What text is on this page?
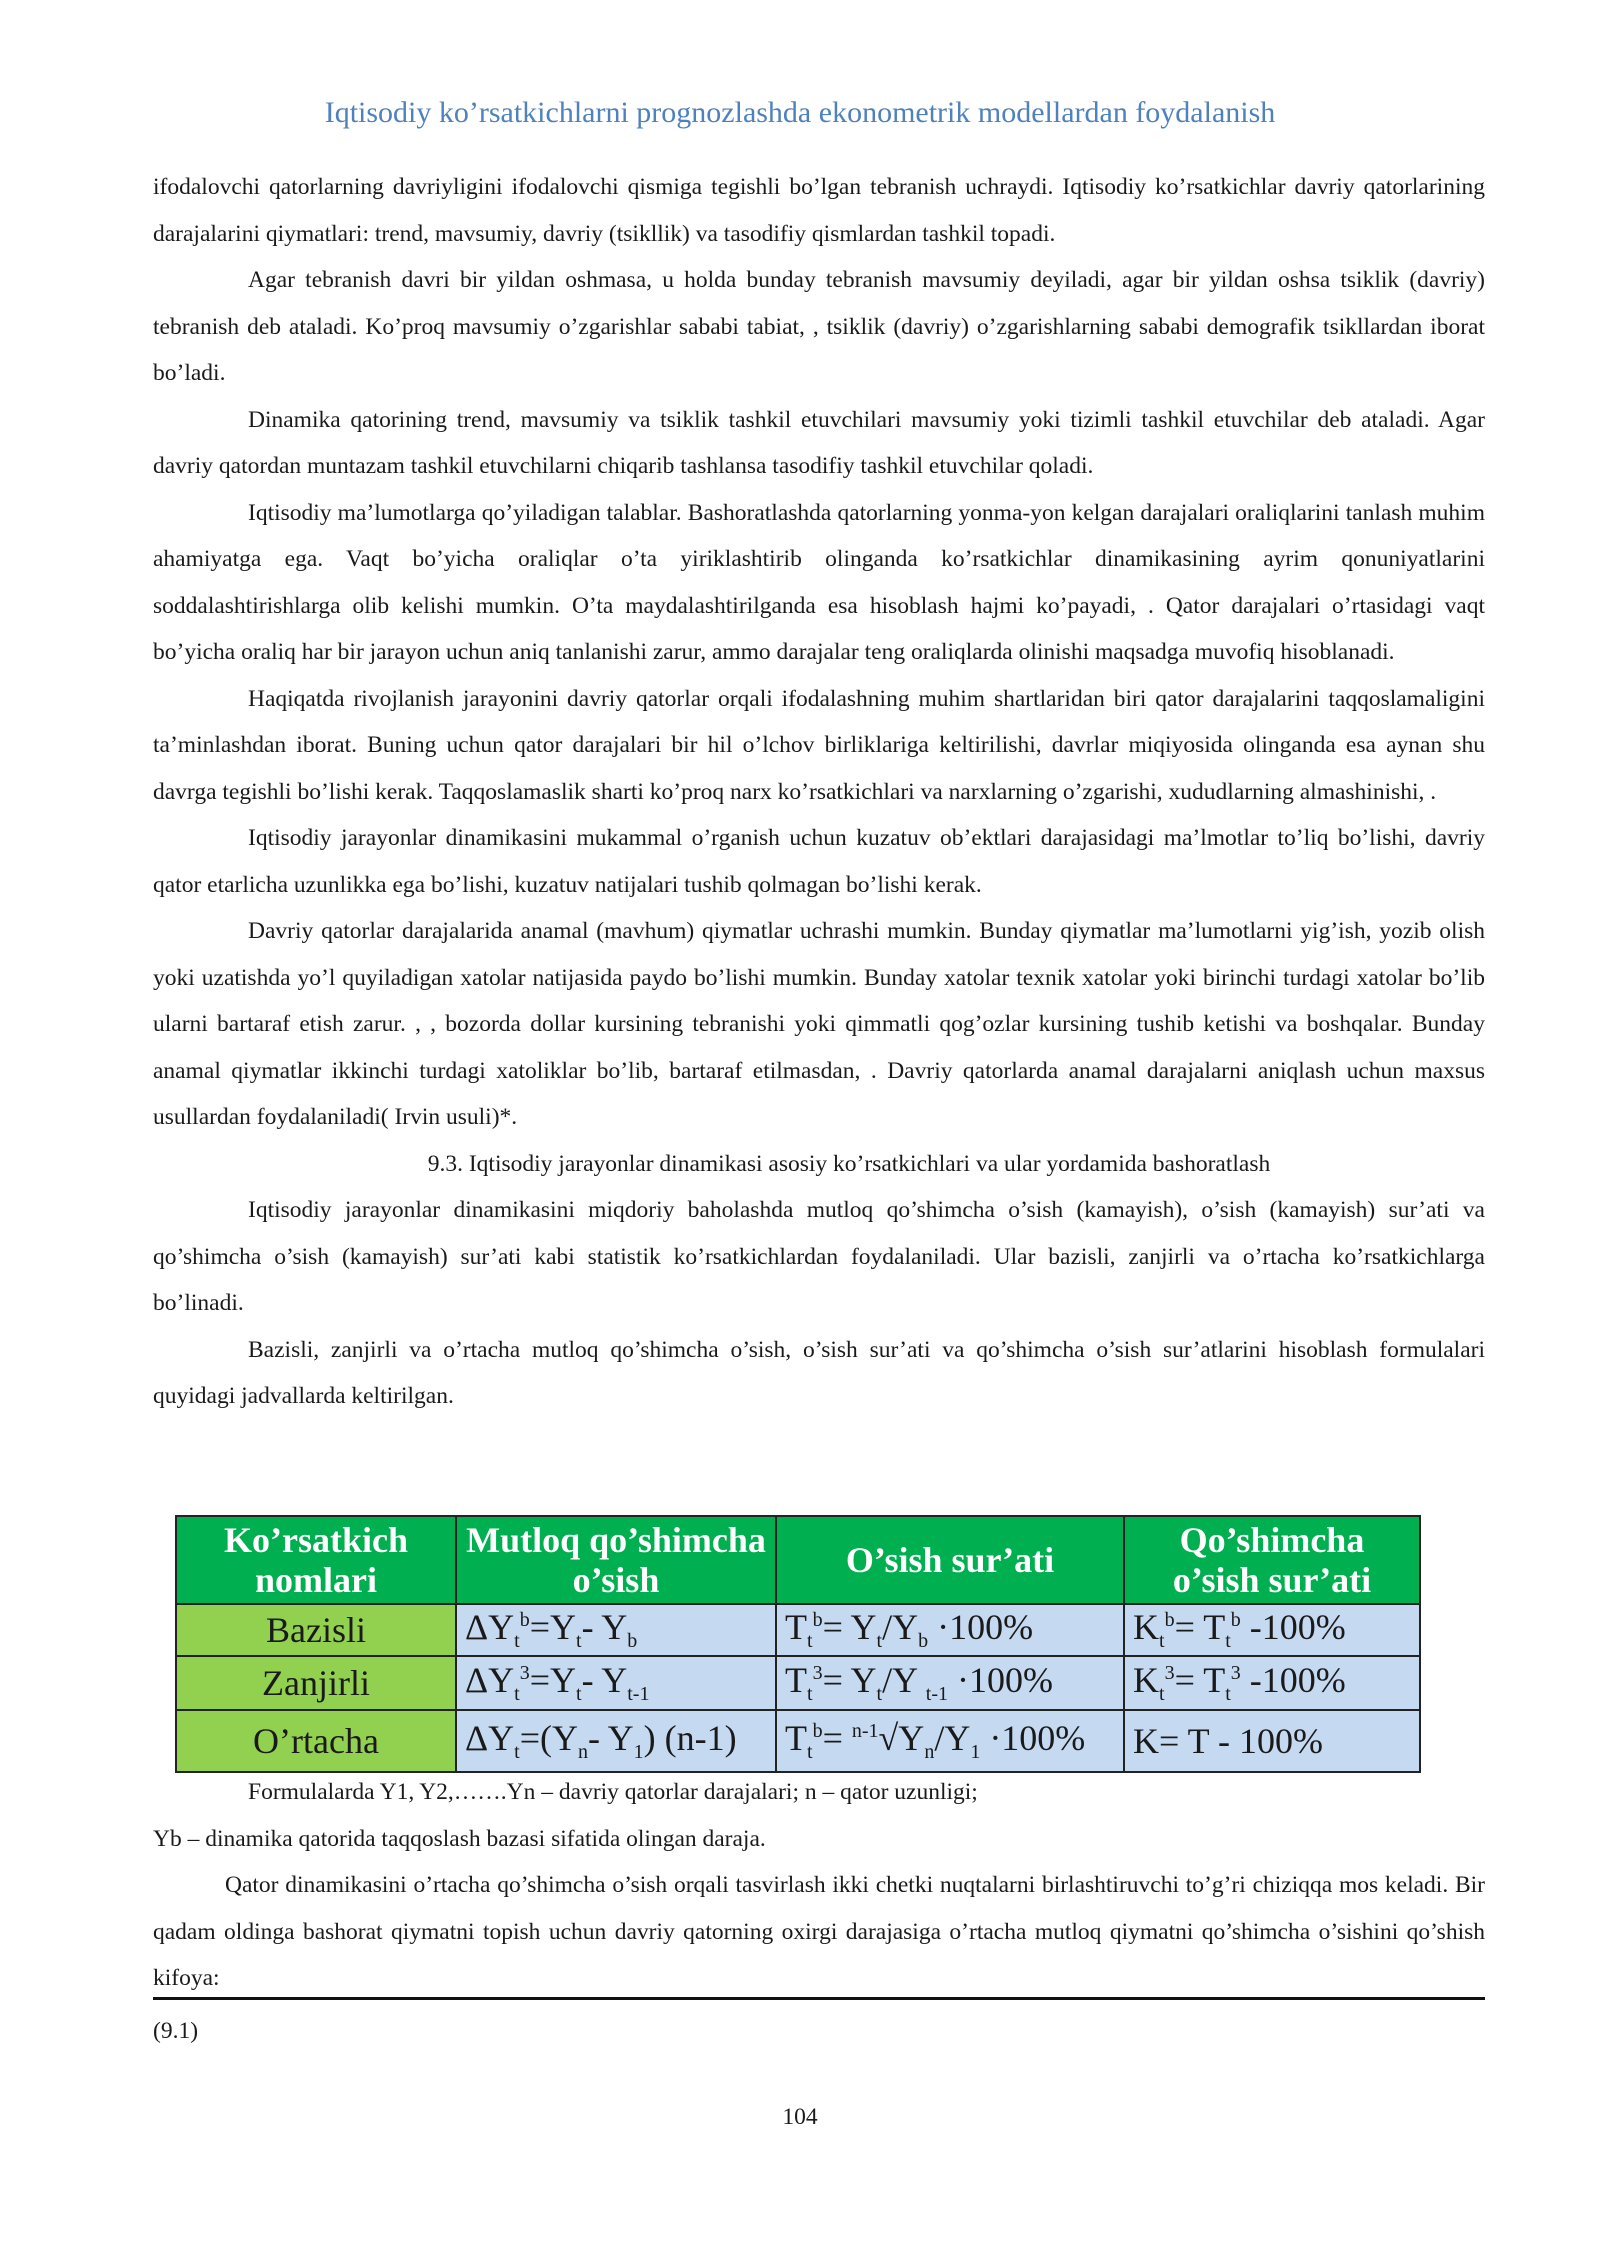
Iqtisodiy ko’rsatkichlarni prognozlashda ekonometrik modellardan foydalanish

ifodalovchi qatorlarning davriyligini ifodalovchi qismiga tegishli bo’lgan tebranish uchraydi. Iqtisodiy ko’rsatkichlar davriy qatorlarining darajalarini qiymatlari: trend, mavsumiy, davriy (tsikllik) va tasodifiy qismlardan tashkil topadi.

Agar tebranish davri bir yildan oshmasa, u holda bunday tebranish mavsumiy deyiladi, agar bir yildan oshsa tsiklik (davriy) tebranish deb ataladi. Ko’proq mavsumiy o’zgarishlar sababi tabiat, , tsiklik (davriy) o’zgarishlarning sababi demografik tsikllardan iborat bo’ladi.

Dinamika qatorining trend, mavsumiy va tsiklik tashkil etuvchilari mavsumiy yoki tizimli tashkil etuvchilar deb ataladi. Agar davriy qatordan muntazam tashkil etuvchilarni chiqarib tashlansa tasodifiy tashkil etuvchilar qoladi.

Iqtisodiy ma’lumotlarga qo’yiladigan talablar. Bashoratlashda qatorlarning yonma-yon kelgan darajalari oraliqlarini tanlash muhim ahamiyatga ega. Vaqt bo’yicha oraliqlar o’ta yiriklashtirib olinganda ko’rsatkichlar dinamikasining ayrim qonuniyatlarini soddalashtirishlarga olib kelishi mumkin. O’ta maydalashtirilganda esa hisoblash hajmi ko’payadi, . Qator darajalari o’rtasidagi vaqt bo’yicha oraliq har bir jarayon uchun aniq tanlanishi zarur, ammo darajalar teng oraliqlarda olinishi maqsadga muvofiq hisoblanadi.

Haqiqatda rivojlanish jarayonini davriy qatorlar orqali ifodalashning muhim shartlaridan biri qator darajalarini taqqoslamaligini ta’minlashdan iborat. Buning uchun qator darajalari bir hil o’lchov birliklariga keltirilishi, davrlar miqiyosida olinganda esa aynan shu davrga tegishli bo’lishi kerak. Taqqoslamaslik sharti ko’proq narx ko’rsatkichlari va narxlarning o’zgarishi, xududlarning almashinishi, .

Iqtisodiy jarayonlar dinamikasini mukammal o’rganish uchun kuzatuv ob’ektlari darajasidagi ma’lmotlar to’liq bo’lishi, davriy qator etarlicha uzunlikka ega bo’lishi, kuzatuv natijalari tushib qolmagan bo’lishi kerak.

Davriy qatorlar darajalarida anamal (mavhum) qiymatlar uchrashi mumkin. Bunday qiymatlar ma’lumotlarni yig’ish, yozib olish yoki uzatishda yo’l quyiladigan xatolar natijasida paydo bo’lishi mumkin. Bunday xatolar texnik xatolar yoki birinchi turdagi xatolar bo’lib ularni bartaraf etish zarur. , , bozorda dollar kursining tebranishi yoki qimmatli qog’ozlar kursining tushib ketishi va boshqalar. Bunday anamal qiymatlar ikkinchi turdagi xatoliklar bo’lib, bartaraf etilmasdan, . Davriy qatorlarda anamal darajalarni aniqlash uchun maxsus usullardan foydalaniladi( Irvin usuli)*.

9.3. Iqtisodiy jarayonlar dinamikasi asosiy ko’rsatkichlari va ular yordamida bashoratlash

Iqtisodiy jarayonlar dinamikasini miqdoriy baholashda mutloq qo’shimcha o’sish (kamayish), o’sish (kamayish) sur’ati va qo’shimcha o’sish (kamayish) sur’ati kabi statistik ko’rsatkichlardan foydalaniladi. Ular bazisli, zanjirli va o’rtacha ko’rsatkichlarga bo’linadi.

Bazisli, zanjirli va o’rtacha mutloq qo’shimcha o’sish, o’sish sur’ati va qo’shimcha o’sish sur’atlarini hisoblash formulalari quyidagi jadvallarda keltirilgan.

Ko’rsatkich nomlari	Mutloq qo’shimcha o’sish	O’sish sur’ati	Qo’shimcha o’sish sur’ati
Bazisli	$\Delta Y_t^b=Y_t-$ $Y_b$	$T_t^b= Y_t/Y_b \cdot 100\%$	$K_t^b= T_t^b$ -100%
Zanjirli	$\Delta Y_t^3=Y_t-$ $Y_{t-1}$	$T_t^3= Y_t/Y$ $_{t-1}$ ·100%	$K_t^3= T_t^3$ -100%
O’rtacha	$\Delta Y_t=(Y_n-$ $Y_1$) (n-1)	$T_t^b= ^{n-1}√Y_n/Y_1 \cdot 100\%$	K= T - 100%

Formulalarda Y1, Y2,…….Yn – davriy qatorlar darajalari; n – qator uzunligi;

Yb – dinamika qatorida taqqoslash bazasi sifatida olingan daraja.

Qator dinamikasini o’rtacha qo’shimcha o’sish orqali tasvirlash ikki chetki nuqtalarni birlashtiruvchi to’g’ri chiziqqa mos keladi. Bir qadam oldinga bashorat qiymatni topish uchun davriy qatorning oxirgi darajasiga o’rtacha mutloq qiymatni qo’shimcha o’sishini qo’shish kifoya:

(9.1)
104
